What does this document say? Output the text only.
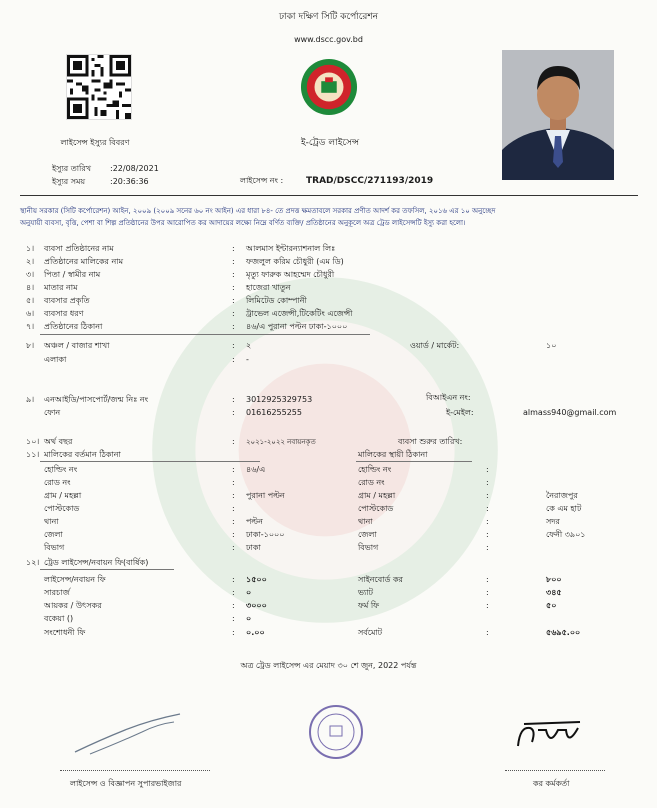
ঢাকা দক্ষিণ সিটি কর্পোরেশন
www.dscc.gov.bd
লাইসেন্স ইস্যুর বিবরণ	ই-ট্রেড লাইসেন্স
ইস্যুর তারিখ :22/08/2021
ইস্যুর সময়	:20:36:36	লাইসেন্স নং :	TRAD/DSCC/271193/2019
স্থানীয় সরকার (সিটি কর্পোরেশন) আইন, ২০০৯ (২০০৯ সনের ৬০ নং আইন) এর ধারা ৮৪- তে প্রদত্ত ক্ষমতাবলে সরকার প্রণীত আদর্শ কর তফসিল, ২০১৬ এর ১০ অনুচ্ছেদ
অনুযায়ী ব্যবসা, বৃত্তি, পেশা বা শিল্প প্রতিষ্ঠানের উপর আরোপিত কর আদায়ের লক্ষ্যে নিম্নে বর্ণিত ব্যক্তি/ প্রতিষ্ঠানের অনুকূলে অত্র ট্রেড লাইসেন্সটি ইস্যু করা হলো।
১। ব্যবসা প্রতিষ্ঠানের নাম	: আলমাস ইন্টারন্যাশনাল লিঃ
২। প্রতিষ্ঠানের মালিকের নাম	: ফজলুল করিম চৌধুরী (এম ডি)
৩। পিতা / স্বামীর নাম	: মৃত্যু ফারুক আহম্মেদ চৌধুরী
৪। মাতার নাম	: হাজেরা খাতুন
৫। ব্যবসার প্রকৃতি	: লিমিটেড কোম্পানী
৬। ব্যবসার ধরণ	: ট্রাভেল এজেন্সী,টিকেটিং এজেন্সী
৭। প্রতিষ্ঠানের ঠিকানা	: ৪৬/এ পুরানা পল্টন ঢাকা-১০০০
৮। অঞ্চল / বাজার শাখা	: ২	ওয়ার্ড / মার্কেট:	১০
এলাকা	: -
৯। এনআইডি/পাসপোর্ট/জন্ম নিঃ নং	: 3012925329753	বিআইএন নং:
ফোন	: 01616255255	ই-মেইল:	almass940@gmail.com
১০। অর্থ বছর	: ২০২১-২০২২ নবায়নকৃত	ব্যবসা শুরুর তারিখ:
১১। মালিকের বর্তমান ঠিকানা	মালিকের স্থায়ী ঠিকানা
হোল্ডিং নং	: ৪৬/এ	হোল্ডিং নং	:
রোড নং	:	রোড নং	:
গ্রাম / মহল্লা	: পুরানা পল্টন	গ্রাম / মহল্লা	:	নৈরাজপুর
পোস্টকোড	:	পোস্টকোড	:	কে এম হাট
থানা	: পল্টন	থানা	:	সদর
জেলা	: ঢাকা-১০০০	জেলা	:	ফেনী ৩৯০১
বিভাগ	: ঢাকা	বিভাগ	:
১২। ট্রেড লাইসেন্স/নবায়ন ফি(বার্ষিক)
লাইসেন্স/নবায়ন ফি	: ১৫০০	সাইনবোর্ড কর	:	৮০০
সারচার্জ	: ০	ভ্যাট	:	৩৪৫
আয়কর / উৎসকর	: ৩০০০	ফর্ম ফি	:	৫০
বকেয়া ()	: ০
সংশোধনী ফি	: ০.০০	সর্বমোট	:	৫৬৯৫.০০
অত্র ট্রেড লাইসেন্স এর মেয়াদ ৩০ শে জুন, 2022 পর্যন্ত
লাইসেন্স ও বিজ্ঞাপন সুপারভাইজার	কর কর্মকর্তা
